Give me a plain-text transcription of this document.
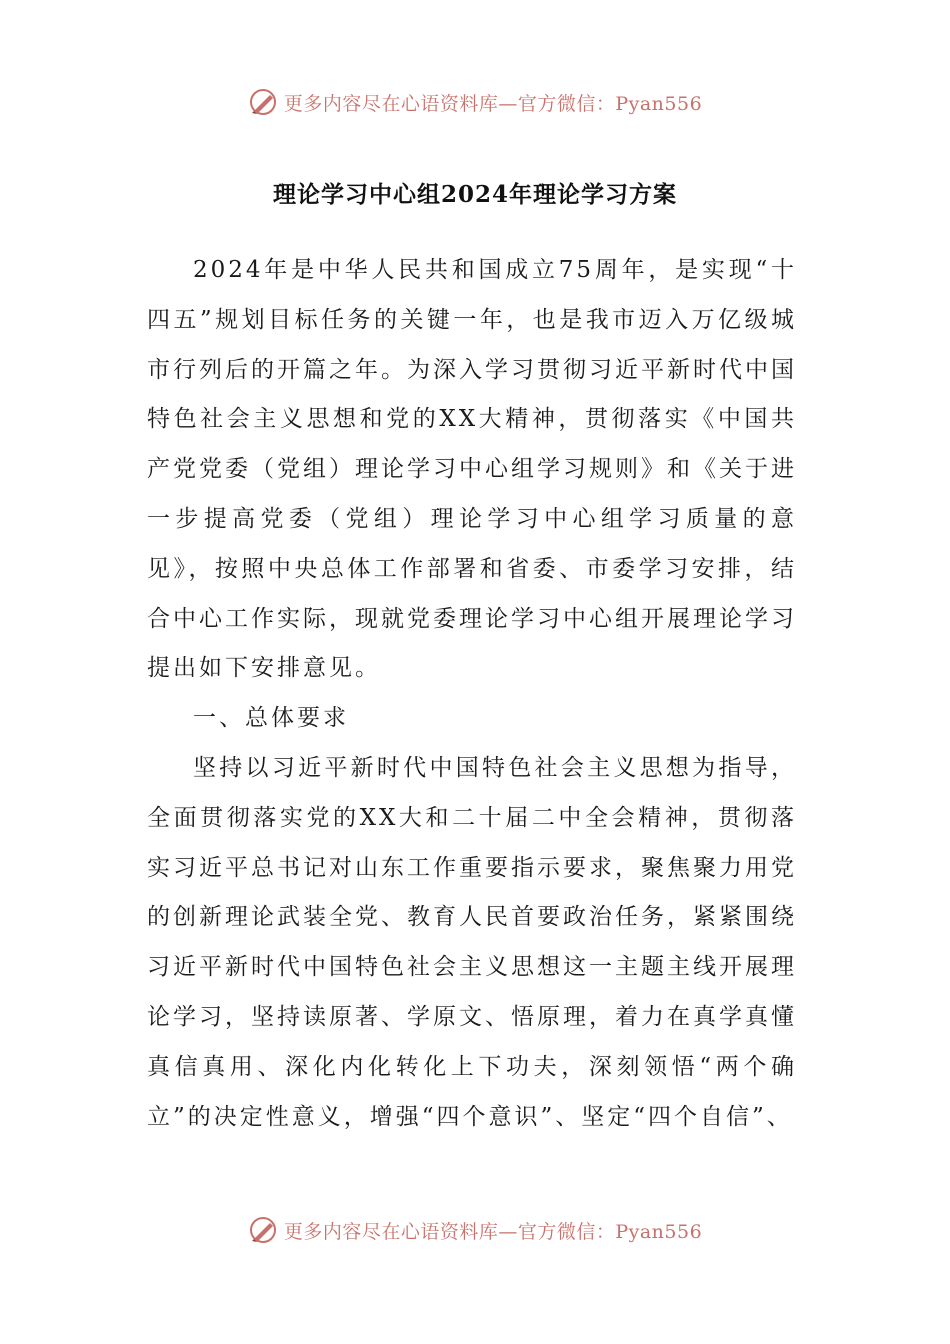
更多内容尽在心语资料库—官方微信：Pyan556
理论学习中心组2024年理论学习方案

2024年是中华人民共和国成立75周年，是实现“十四五”规划目标任务的关键一年，也是我市迈入万亿级城市行列后的开篇之年。为深入学习贯彻习近平新时代中国特色社会主义思想和党的XX大精神，贯彻落实《中国共产党党委（党组）理论学习中心组学习规则》和《关于进一步提高党委（党组）理论学习中心组学习质量的意见》，按照中央总体工作部署和省委、市委学习安排，结合中心工作实际，现就党委理论学习中心组开展理论学习提出如下安排意见。

一、总体要求

坚持以习近平新时代中国特色社会主义思想为指导，全面贯彻落实党的XX大和二十届二中全会精神，贯彻落实习近平总书记对山东工作重要指示要求，聚焦聚力用党的创新理论武装全党、教育人民首要政治任务，紧紧围绕习近平新时代中国特色社会主义思想这一主题主线开展理论学习，坚持读原著、学原文、悟原理，着力在真学真懂真信真用、深化内化转化上下功夫，深刻领悟“两个确立”的决定性意义，增强“四个意识”、坚定“四个自信”、

更多内容尽在心语资料库—官方微信：Pyan556
